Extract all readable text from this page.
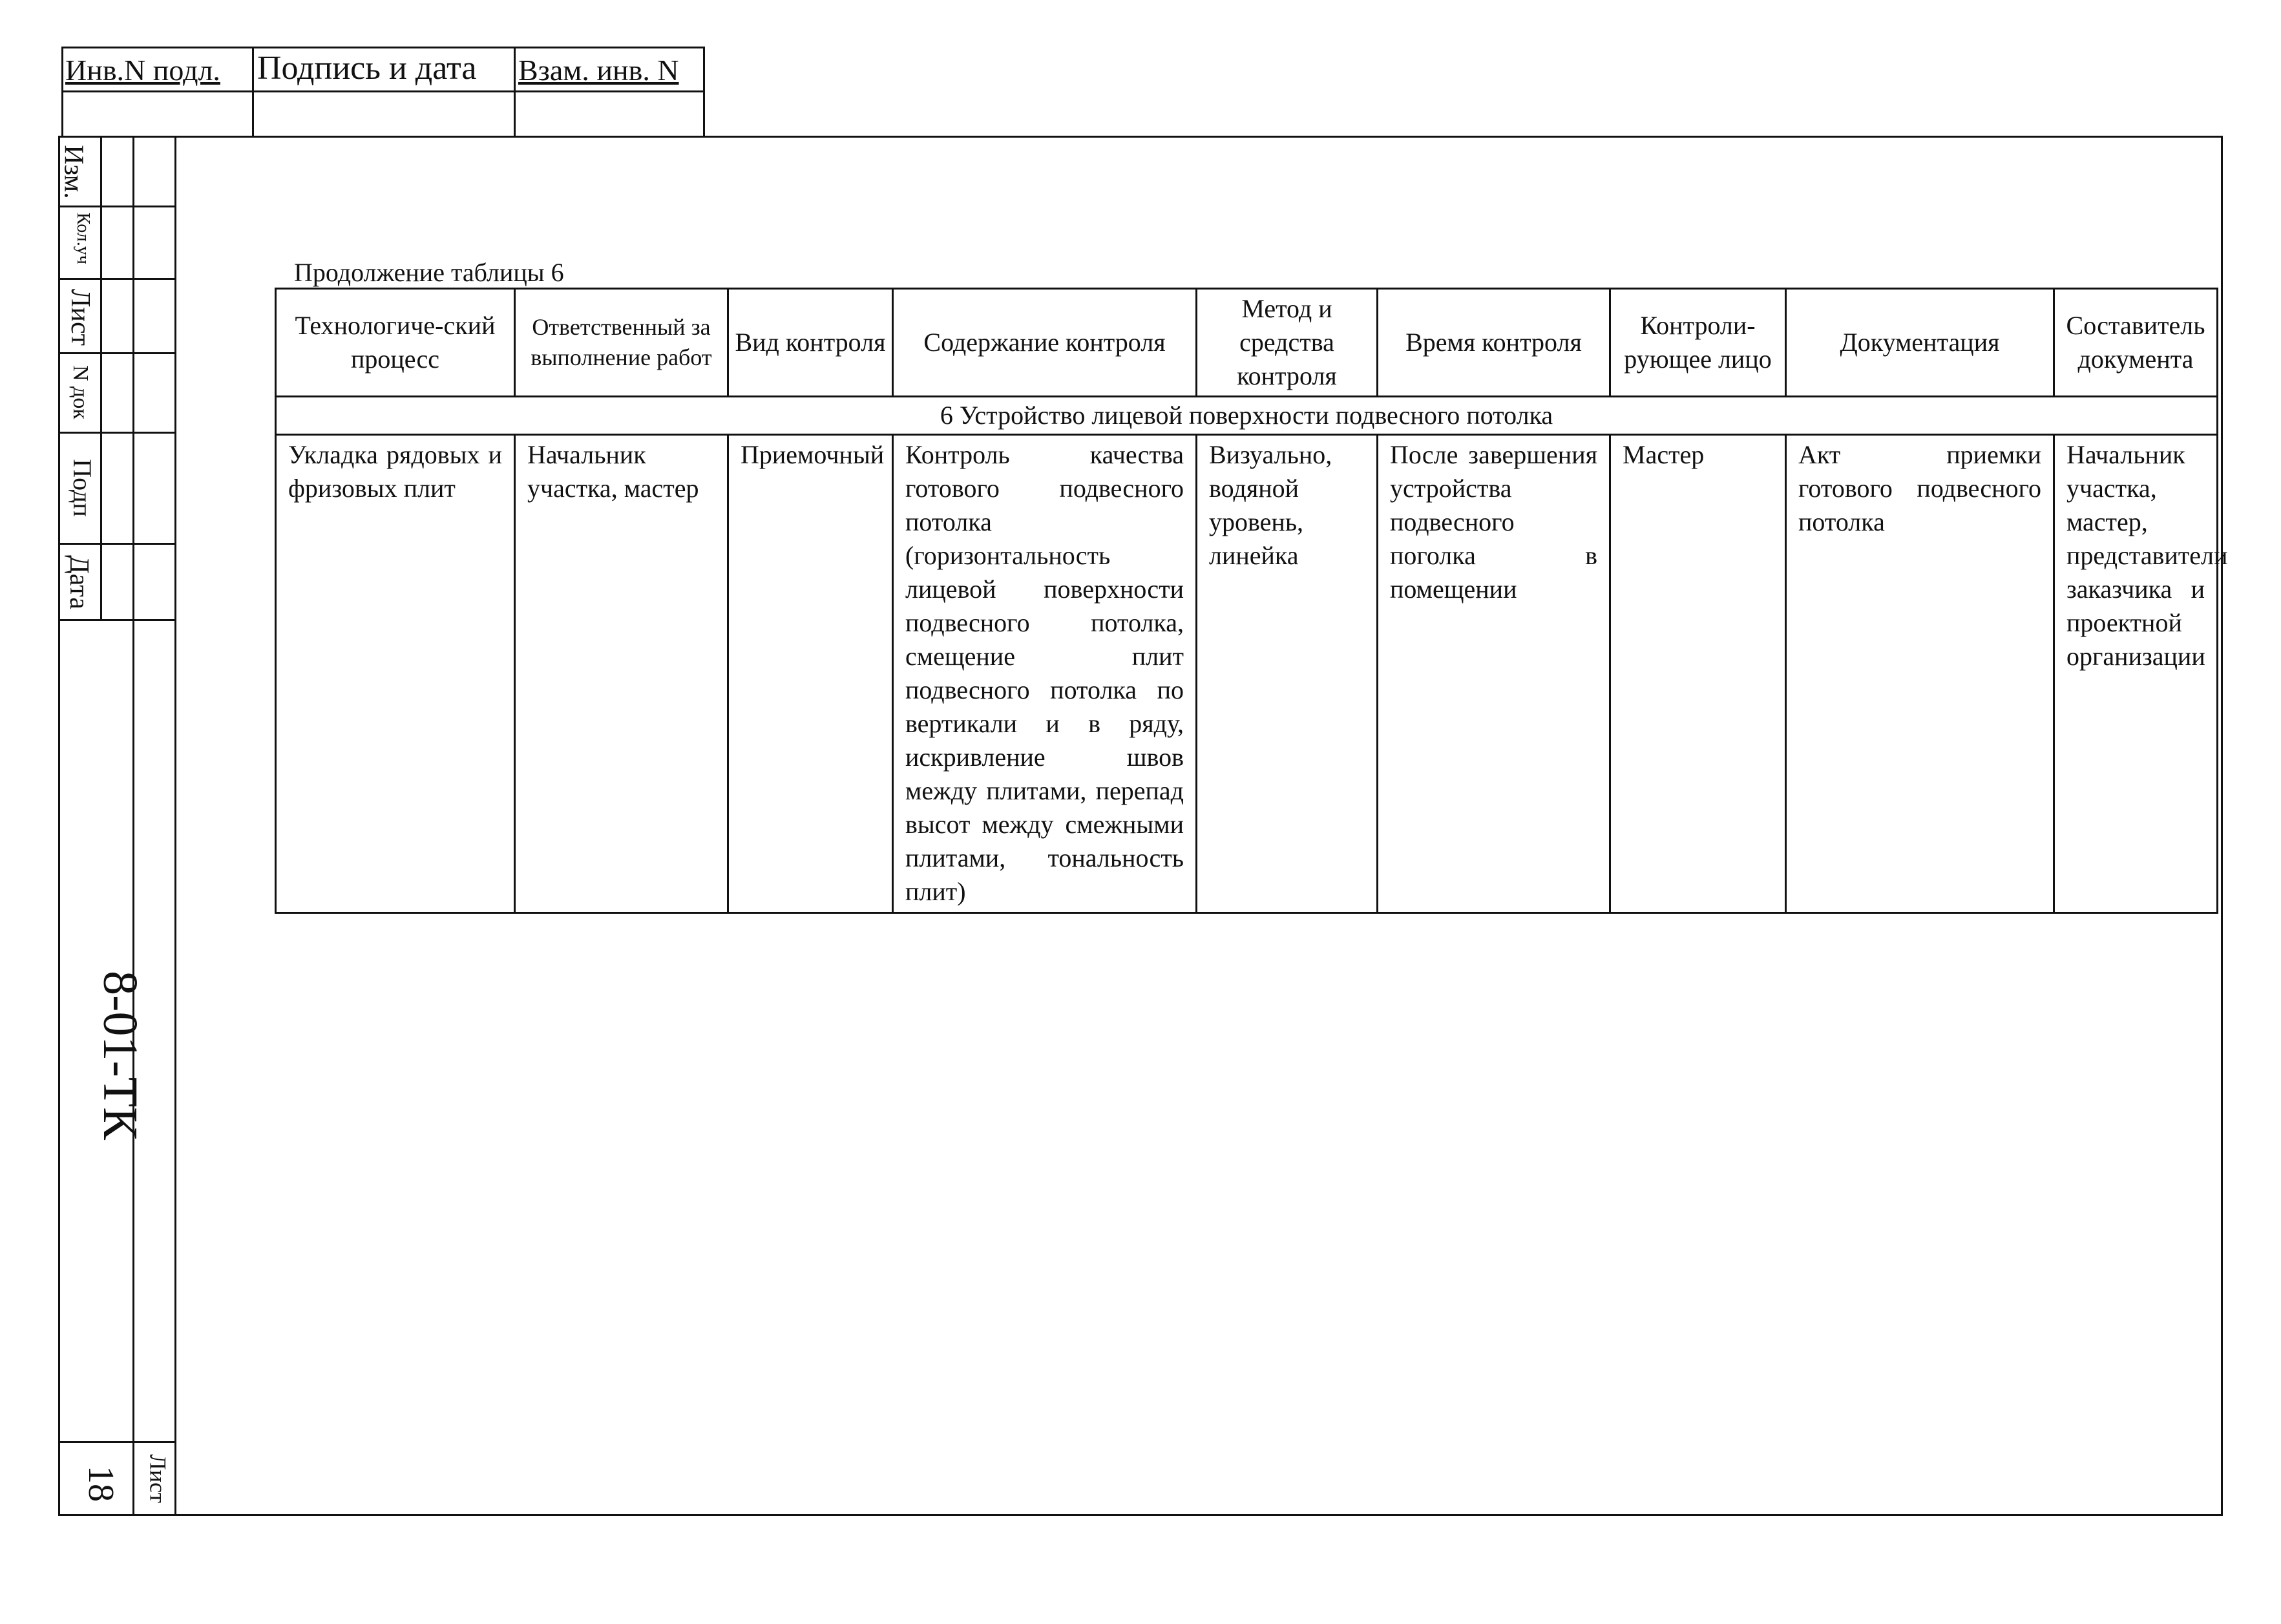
Инв.N подл. Подпись и дата Взам. инв. N
Изм.
Кол.уч
Лист
N док
Подп
Дата
8-01-ТК
Лист
18
Продолжение таблицы 6
Технологиче-ский процесс	Ответственный за выполнение работ	Вид контроля	Содержание контроля	Метод и средства контроля	Время контроля	Контроли-рующее лицо	Документация	Составитель документа
6 Устройство лицевой поверхности подвесного потолка								
Укладка рядовых и фризовых плит	Начальник участка, мастер	Приемочный	Контроль качества готового подвесного потолка (горизонтальность лицевой поверхности подвесного потолка, смещение плит подвесного потолка по вертикали и в ряду, искривление швов между плитами, перепад высот между смежными плитами, тональность плит)	Визуально, водяной уровень, линейка	После завершения устройства подвесного поголка в помещении	Мастер	Акт приемки готового подвесного потолка	Начальник участка, мастер, представители заказчика и проектной организации
